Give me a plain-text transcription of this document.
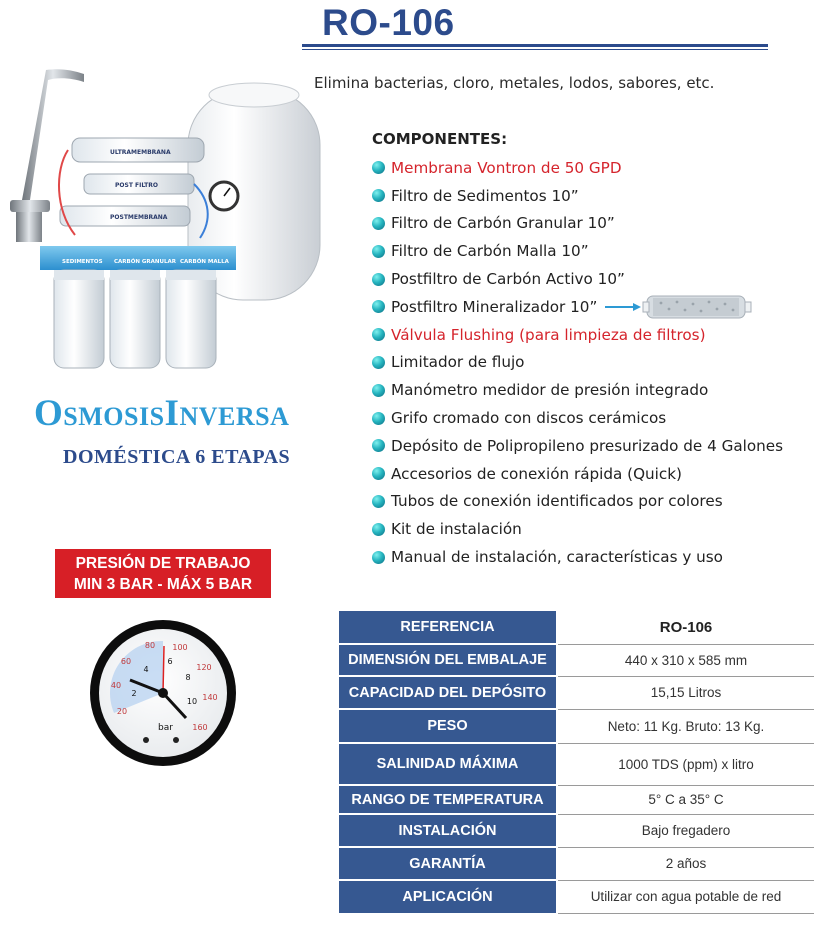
RO-106
Elimina bacterias, cloro, metales, lodos, sabores, etc.
ULTRAMEMBRANA
POST FILTRO
POSTMEMBRANA
SEDIMENTOS CARBÓN GRANULAR CARBÓN MALLA
COMPONENTES:
Membrana Vontron de 50 GPD
Filtro de Sedimentos 10”
Filtro de Carbón Granular 10”
Filtro de Carbón Malla 10”
Postfiltro de Carbón Activo 10”
Postfiltro Mineralizador 10”
Válvula Flushing (para limpieza de filtros)
Limitador de flujo
Manómetro medidor de presión integrado
Grifo cromado con discos cerámicos
Depósito de Polipropileno presurizado de 4 Galones
Accesorios de conexión rápida (Quick)
Tubos de conexión identificados por colores
Kit de instalación
Manual de instalación, características y uso
OsmosisInversa
DOMÉSTICA 6 ETAPAS
PRESIÓN DE TRABAJO
MIN 3 BAR - MÁX 5 BAR
20
40
60
80 100
120
140
160
2
4
6
8
10
bar
REFERENCIA	RO-106
DIMENSIÓN DEL EMBALAJE	440 x 310 x 585 mm
CAPACIDAD DEL DEPÓSITO	15,15 Litros
PESO	Neto: 11 Kg. Bruto: 13 Kg.
SALINIDAD MÁXIMA	1000 TDS (ppm) x litro
RANGO DE TEMPERATURA	5° C a 35° C
INSTALACIÓN	Bajo fregadero
GARANTÍA	2 años
APLICACIÓN	Utilizar con agua potable de red
